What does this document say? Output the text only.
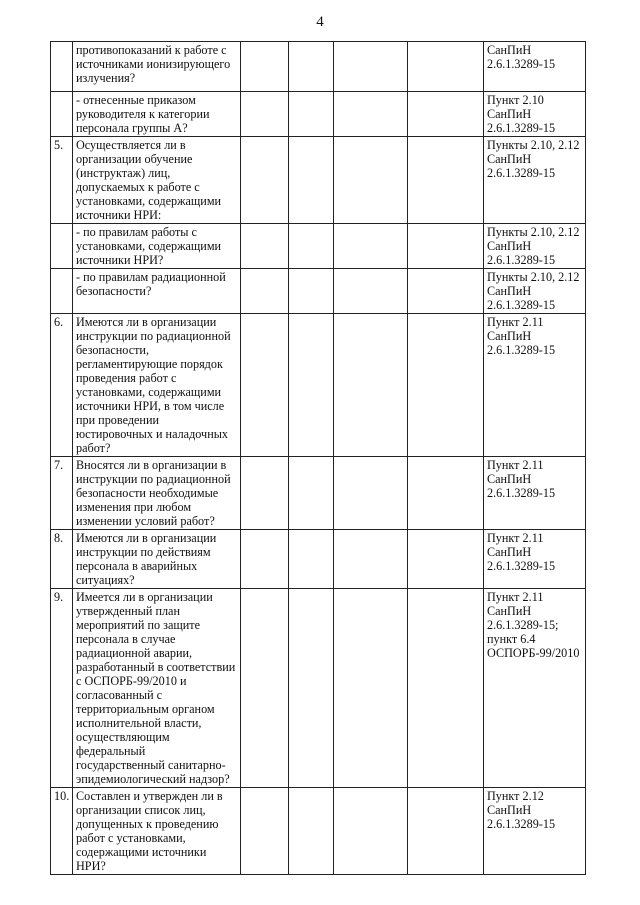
4
	противопоказаний к работе с источниками ионизирующего излучения?					СанПиН 2.6.1.3289-15
	- отнесенные приказом руководителя к категории персонала группы А?					Пункт 2.10 СанПиН 2.6.1.3289-15
5.	Осуществляется ли в организации обучение (инструктаж) лиц, допускаемых к работе с установками, содержащими источники НРИ:					Пункты 2.10, 2.12 СанПиН 2.6.1.3289-15
	- по правилам работы с установками, содержащими источники НРИ?					Пункты 2.10, 2.12 СанПиН 2.6.1.3289-15
	- по правилам радиационной безопасности?					Пункты 2.10, 2.12 СанПиН 2.6.1.3289-15
6.	Имеются ли в организации инструкции по радиационной безопасности, регламентирующие порядок проведения работ с установками, содержащими источники НРИ, в том числе при проведении юстировочных и наладочных работ?					Пункт 2.11 СанПиН 2.6.1.3289-15
7.	Вносятся ли в организации в инструкции по радиационной безопасности необходимые изменения при любом изменении условий работ?					Пункт 2.11 СанПиН 2.6.1.3289-15
8.	Имеются ли в организации инструкции по действиям персонала в аварийных ситуациях?					Пункт 2.11 СанПиН 2.6.1.3289-15
9.	Имеется ли в организации утвержденный план мероприятий по защите персонала в случае радиационной аварии, разработанный в соответствии с ОСПОРБ-99/2010 и согласованный с территориальным органом исполнительной власти, осуществляющим федеральный государственный санитарно-эпидемиологический надзор?					Пункт 2.11 СанПиН 2.6.1.3289-15; пункт 6.4 ОСПОРБ-99/2010
10.	Составлен и утвержден ли в организации список лиц, допущенных к проведению работ с установками, содержащими источники НРИ?					Пункт 2.12 СанПиН 2.6.1.3289-15
